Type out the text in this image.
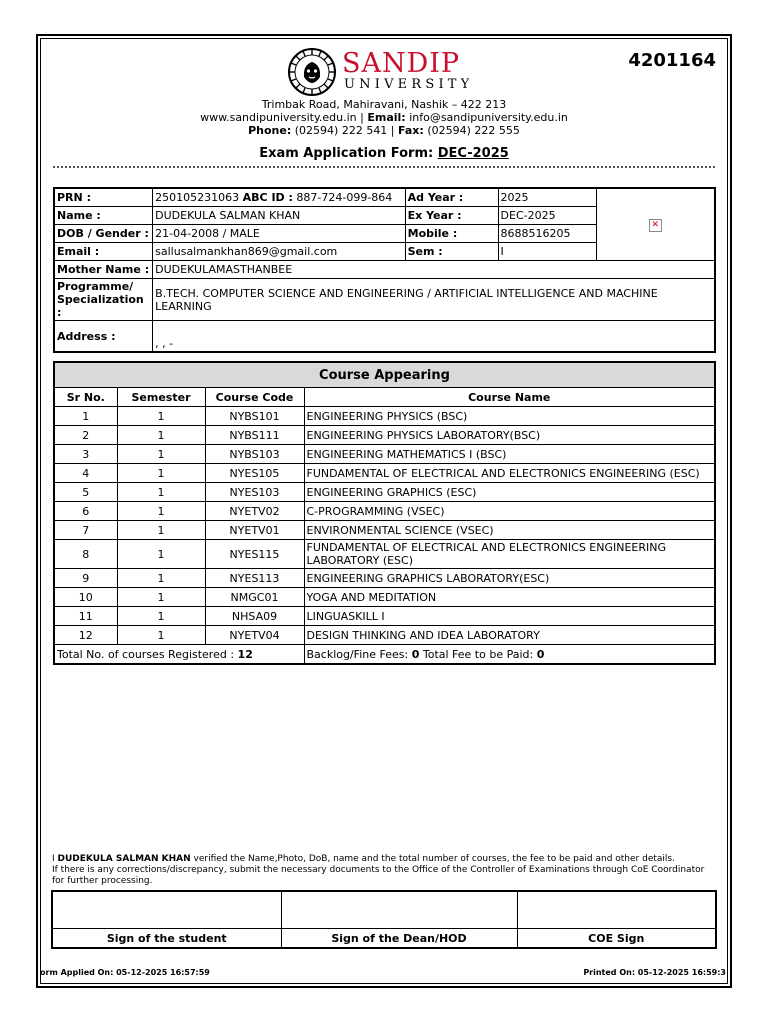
4201164
SANDIP
UNIVERSITY
Trimbak Road, Mahiravani, Nashik – 422 213
www.sandipuniversity.edu.in | Email: info@sandipuniversity.edu.in
Phone: (02594) 222 541 | Fax: (02594) 222 555
Exam Application Form: DEC-2025
PRN :	250105231063 ABC ID : 887-724-099-864	Ad Year :	2025	✕
Name :	DUDEKULA SALMAN KHAN	Ex Year :	DEC-2025	
DOB / Gender :	21-04-2008 / MALE	Mobile :	8688516205	
Email :	sallusalmankhan869@gmail.com	Sem :	I	
Mother Name :	DUDEKULAMASTHANBEE			
Programme/
Specialization :	B.TECH. COMPUTER SCIENCE AND ENGINEERING / ARTIFICIAL INTELLIGENCE AND MACHINE LEARNING			
Address :	, , -			
Course Appearing			
Sr No.	Semester	Course Code	Course Name
1	1	NYBS101	ENGINEERING PHYSICS (BSC)
2	1	NYBS111	ENGINEERING PHYSICS LABORATORY(BSC)
3	1	NYBS103	ENGINEERING MATHEMATICS I (BSC)
4	1	NYES105	FUNDAMENTAL OF ELECTRICAL AND ELECTRONICS ENGINEERING (ESC)
5	1	NYES103	ENGINEERING GRAPHICS (ESC)
6	1	NYETV02	C-PROGRAMMING (VSEC)
7	1	NYETV01	ENVIRONMENTAL SCIENCE (VSEC)
8	1	NYES115	FUNDAMENTAL OF ELECTRICAL AND ELECTRONICS ENGINEERING LABORATORY (ESC)
9	1	NYES113	ENGINEERING GRAPHICS LABORATORY(ESC)
10	1	NMGC01	YOGA AND MEDITATION
11	1	NHSA09	LINGUASKILL I
12	1	NYETV04	DESIGN THINKING AND IDEA LABORATORY
Total No. of courses Registered : 12			Backlog/Fine Fees: 0 Total Fee to be Paid: 0
I DUDEKULA SALMAN KHAN verified the Name,Photo, DoB, name and the total number of courses, the fee to be paid and other details.
If there is any corrections/discrepancy, submit the necessary documents to the Office of the Controller of Examinations through CoE Coordinator for further processing.

Sign of the student	Sign of the Dean/HOD	COE Sign
orm Applied On: 05-12-2025 16:57:59	Printed On: 05-12-2025 16:59:3
